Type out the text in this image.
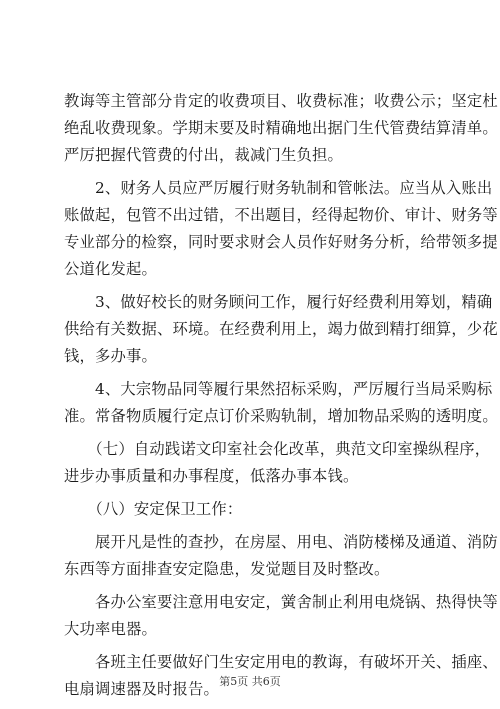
教诲等主管部分肯定的收费项目、收费标准；收费公示；坚定杜
绝乱收费现象。学期末要及时精确地出据门生代管费结算清单。
严厉把握代管费的付出，裁减门生负担。

　　2、财务人员应严厉履行财务轨制和管帐法。应当从入账出
账做起，包管不出过错，不出题目，经得起物价、审计、财务等
专业部分的检察，同时要求财会人员作好财务分析，给带领多提
公道化发起。

　　3、做好校长的财务顾问工作，履行好经费利用筹划，精确
供给有关数据、环境。在经费利用上，竭力做到精打细算，少花
钱，多办事。

　　4、大宗物品同等履行果然招标采购，严厉履行当局采购标
准。常备物质履行定点订价采购轨制，增加物品采购的透明度。

　　（七）自动践诺文印室社会化改革，典范文印室操纵程序，
进步办事质量和办事程度，低落办事本钱。

　　（八）安定保卫工作：

　　展开凡是性的查抄，在房屋、用电、消防楼梯及通道、消防
东西等方面排查安定隐患，发觉题目及时整改。

　　各办公室要注意用电安定，黉舍制止利用电烧锅、热得快等
大功率电器。

　　各班主任要做好门生安定用电的教诲，有破坏开关、插座、
电扇调速器及时报告。 第5页 共6页
